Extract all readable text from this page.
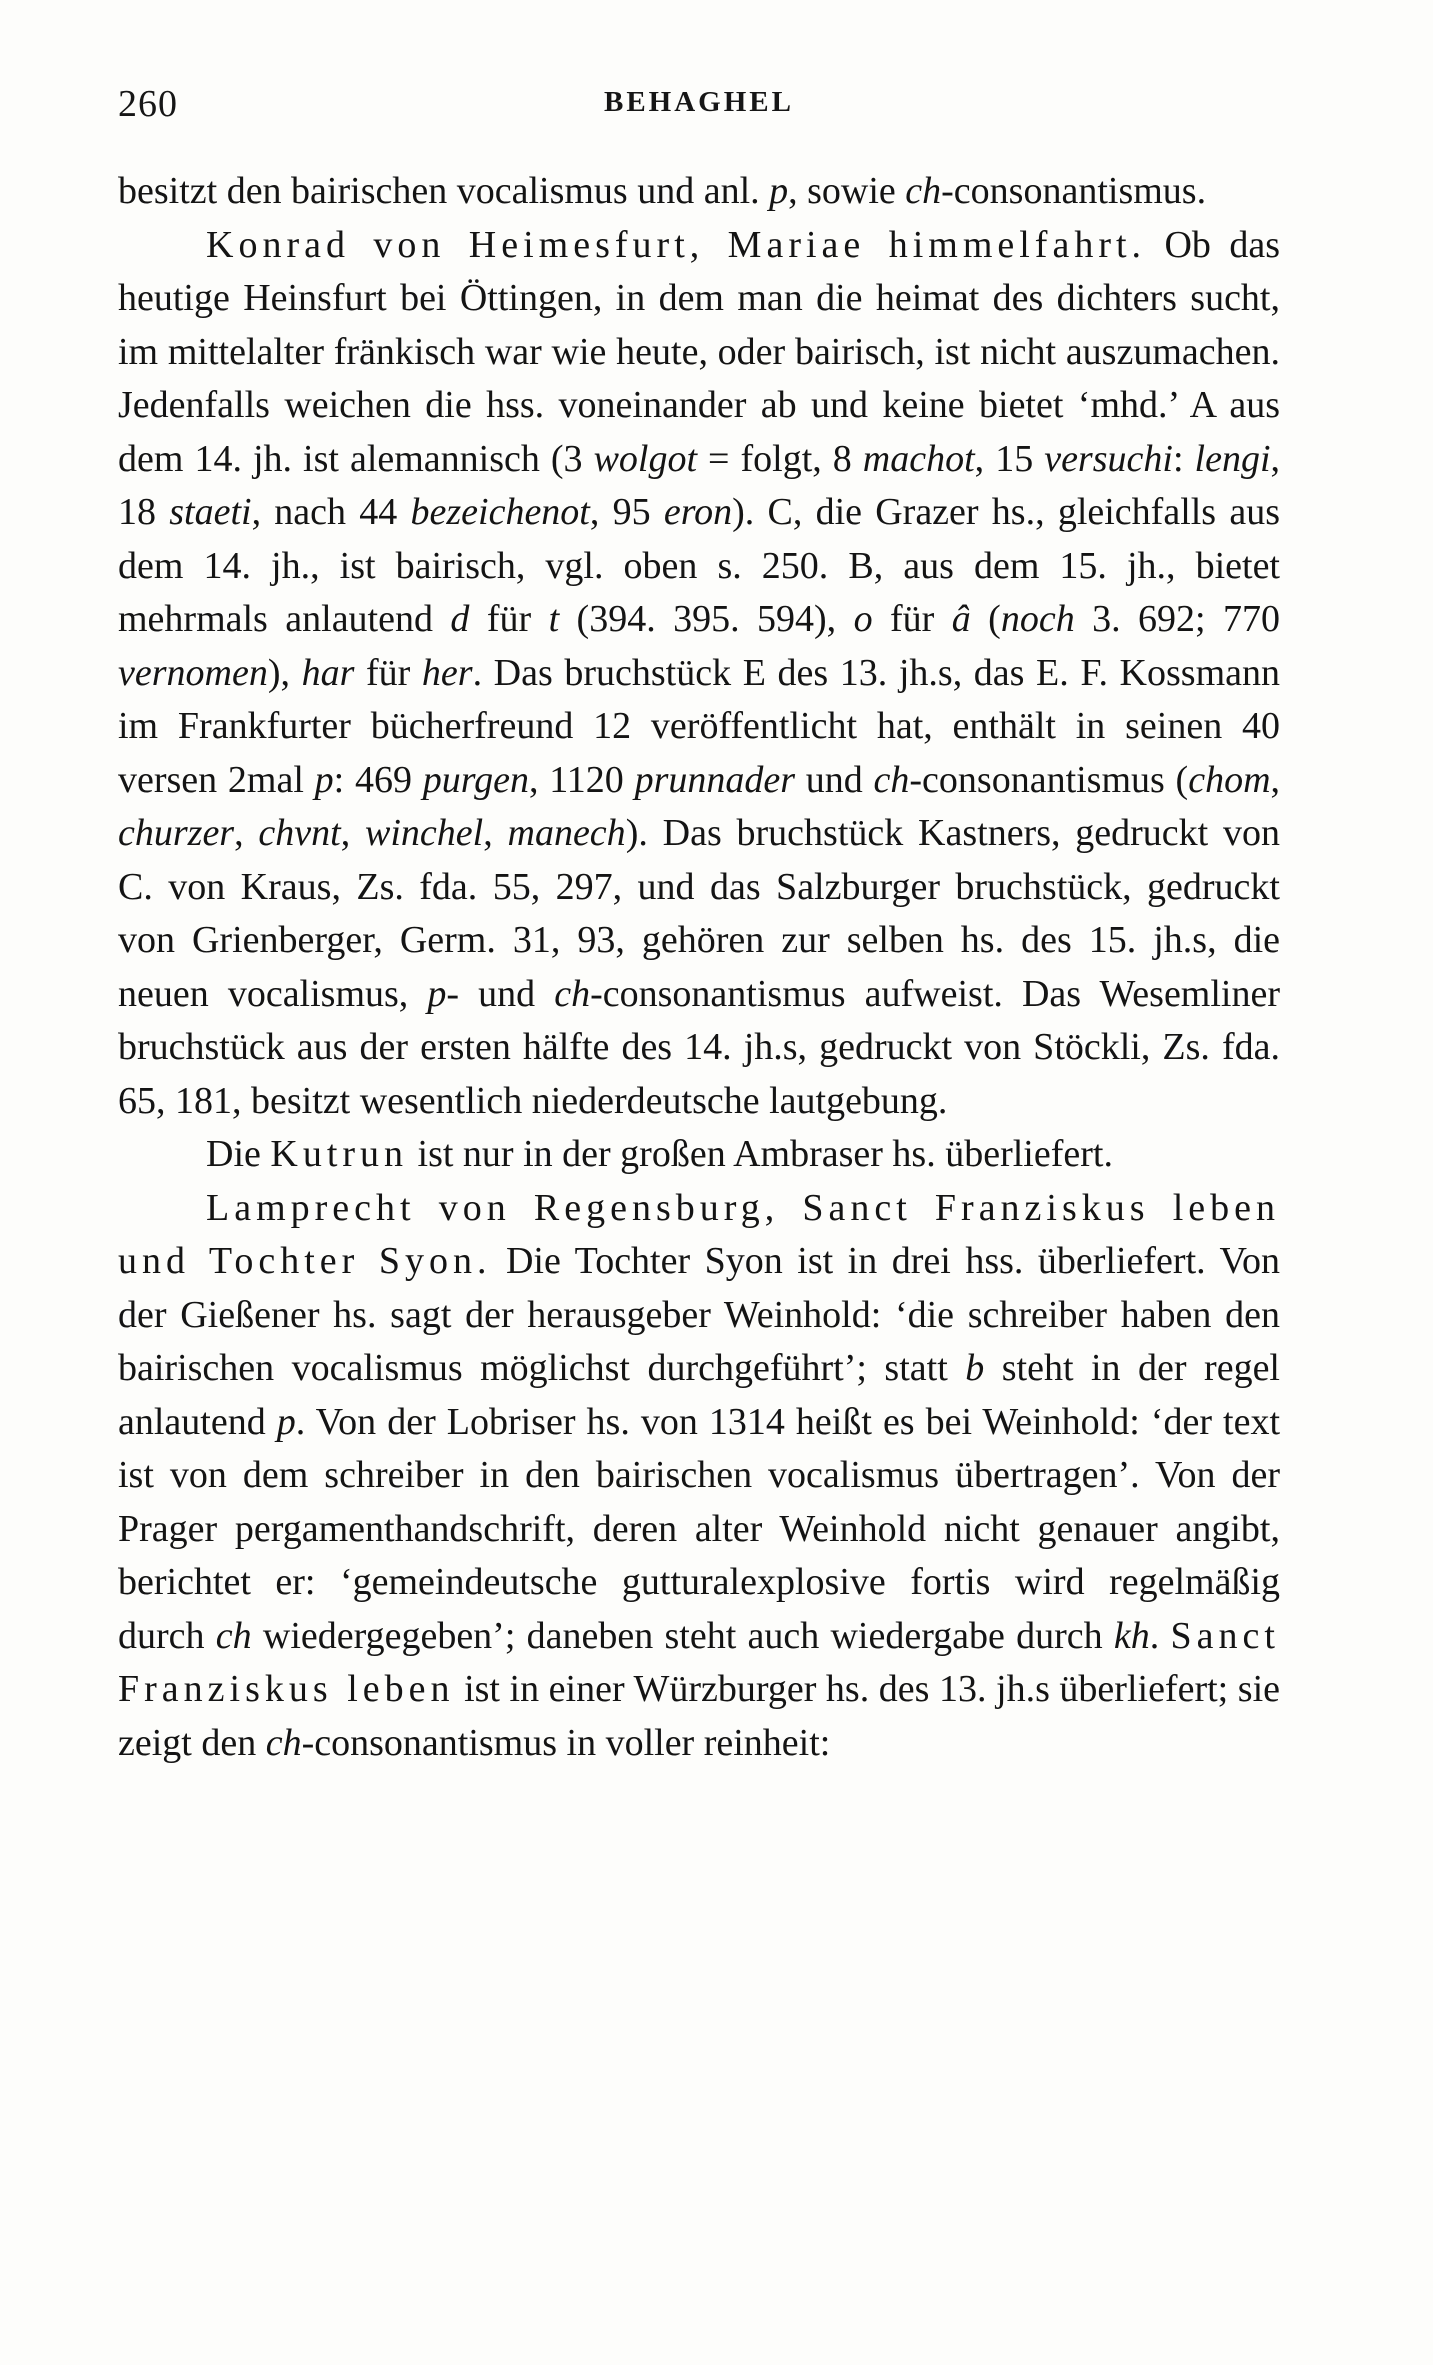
260	BEHAGHEL

besitzt den bairischen vocalismus und anl. p, sowie ch-consonantismus.

Konrad von Heimesfurt, Mariae himmelfahrt. Ob das heutige Heinsfurt bei Öttingen, in dem man die heimat des dichters sucht, im mittelalter fränkisch war wie heute, oder bairisch, ist nicht auszumachen. Jedenfalls weichen die hss. voneinander ab und keine bietet ‘mhd.’ A aus dem 14. jh. ist alemannisch (3 wolgot = folgt, 8 machot, 15 versuchi: lengi, 18 staeti, nach 44 bezeichenot, 95 eron). C, die Grazer hs., gleichfalls aus dem 14. jh., ist bairisch, vgl. oben s. 250. B, aus dem 15. jh., bietet mehrmals anlautend d für t (394. 395. 594), o für â (noch 3. 692; 770 vernomen), har für her. Das bruchstück E des 13. jh.s, das E. F. Kossmann im Frankfurter bücherfreund 12 veröffentlicht hat, enthält in seinen 40 versen 2mal p: 469 purgen, 1120 prunnader und ch-consonantismus (chom, churzer, chvnt, winchel, manech). Das bruchstück Kastners, gedruckt von C. von Kraus, Zs. fda. 55, 297, und das Salzburger bruchstück, gedruckt von Grienberger, Germ. 31, 93, gehören zur selben hs. des 15. jh.s, die neuen vocalismus, p- und ch-consonantismus aufweist. Das Wesemliner bruchstück aus der ersten hälfte des 14. jh.s, gedruckt von Stöckli, Zs. fda. 65, 181, besitzt wesentlich niederdeutsche lautgebung.

Die Kutrun ist nur in der großen Ambraser hs. überliefert.

Lamprecht von Regensburg, Sanct Franziskus leben und Tochter Syon. Die Tochter Syon ist in drei hss. überliefert. Von der Gießener hs. sagt der herausgeber Weinhold: ‘die schreiber haben den bairischen vocalismus möglichst durchgeführt’; statt b steht in der regel anlautend p. Von der Lobriser hs. von 1314 heißt es bei Weinhold: ‘der text ist von dem schreiber in den bairischen vocalismus übertragen’. Von der Prager pergamenthandschrift, deren alter Weinhold nicht genauer angibt, berichtet er: ‘gemeindeutsche gutturalexplosive fortis wird regelmäßig durch ch wiedergegeben’; daneben steht auch wiedergabe durch kh. Sanct Franziskus leben ist in einer Würzburger hs. des 13. jh.s überliefert; sie zeigt den ch-consonantismus in voller reinheit:
